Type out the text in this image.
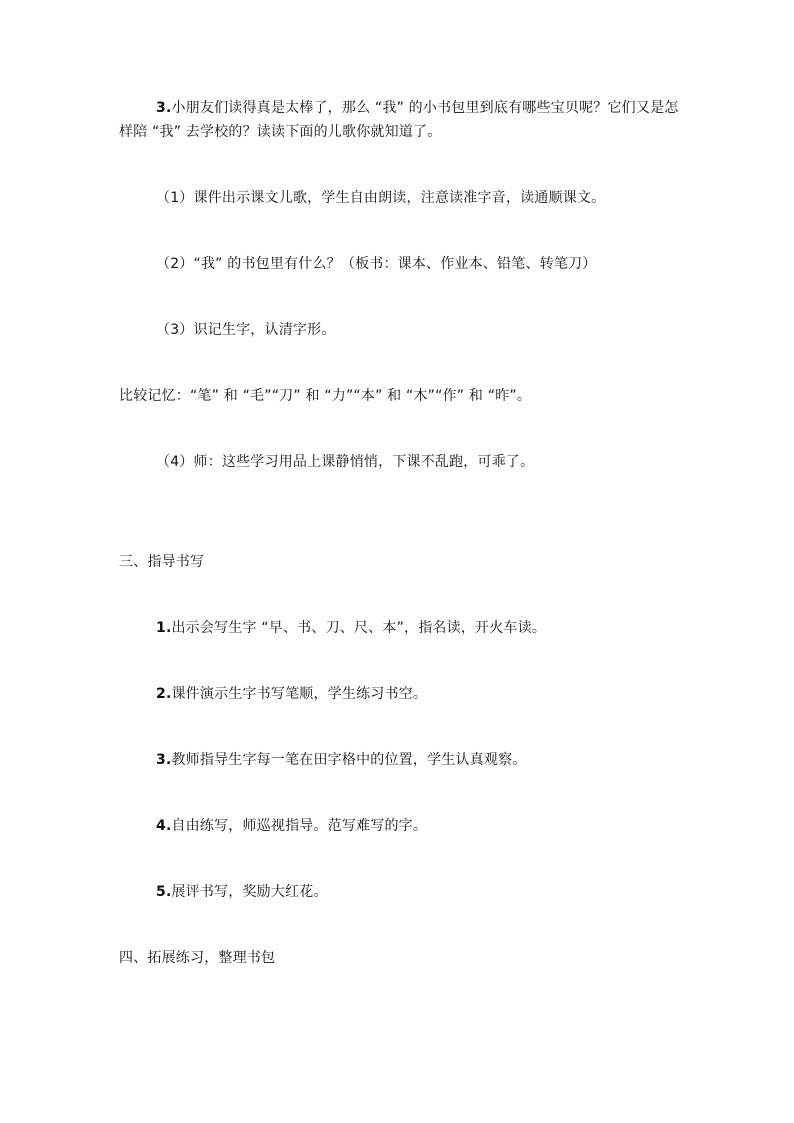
3.小朋友们读得真是太棒了，那么 “我” 的小书包里到底有哪些宝贝呢？它们又是怎
样陪 “我” 去学校的？读读下面的儿歌你就知道了。
（1）课件出示课文儿歌，学生自由朗读，注意读准字音，读通顺课文。
（2）“我” 的书包里有什么？（板书：课本、作业本、铅笔、转笔刀）
（3）识记生字，认清字形。
比较记忆：“笔” 和 “毛”“刀” 和 “力”“本” 和 “木”“作” 和 “昨”。
（4）师：这些学习用品上课静悄悄，下课不乱跑，可乖了。
三、指导书写
1.出示会写生字 “早、书、刀、尺、本”，指名读，开火车读。
2.课件演示生字书写笔顺，学生练习书空。
3.教师指导生字每一笔在田字格中的位置，学生认真观察。
4.自由练写，师巡视指导。范写难写的字。
5.展评书写，奖励大红花。
四、拓展练习，整理书包
